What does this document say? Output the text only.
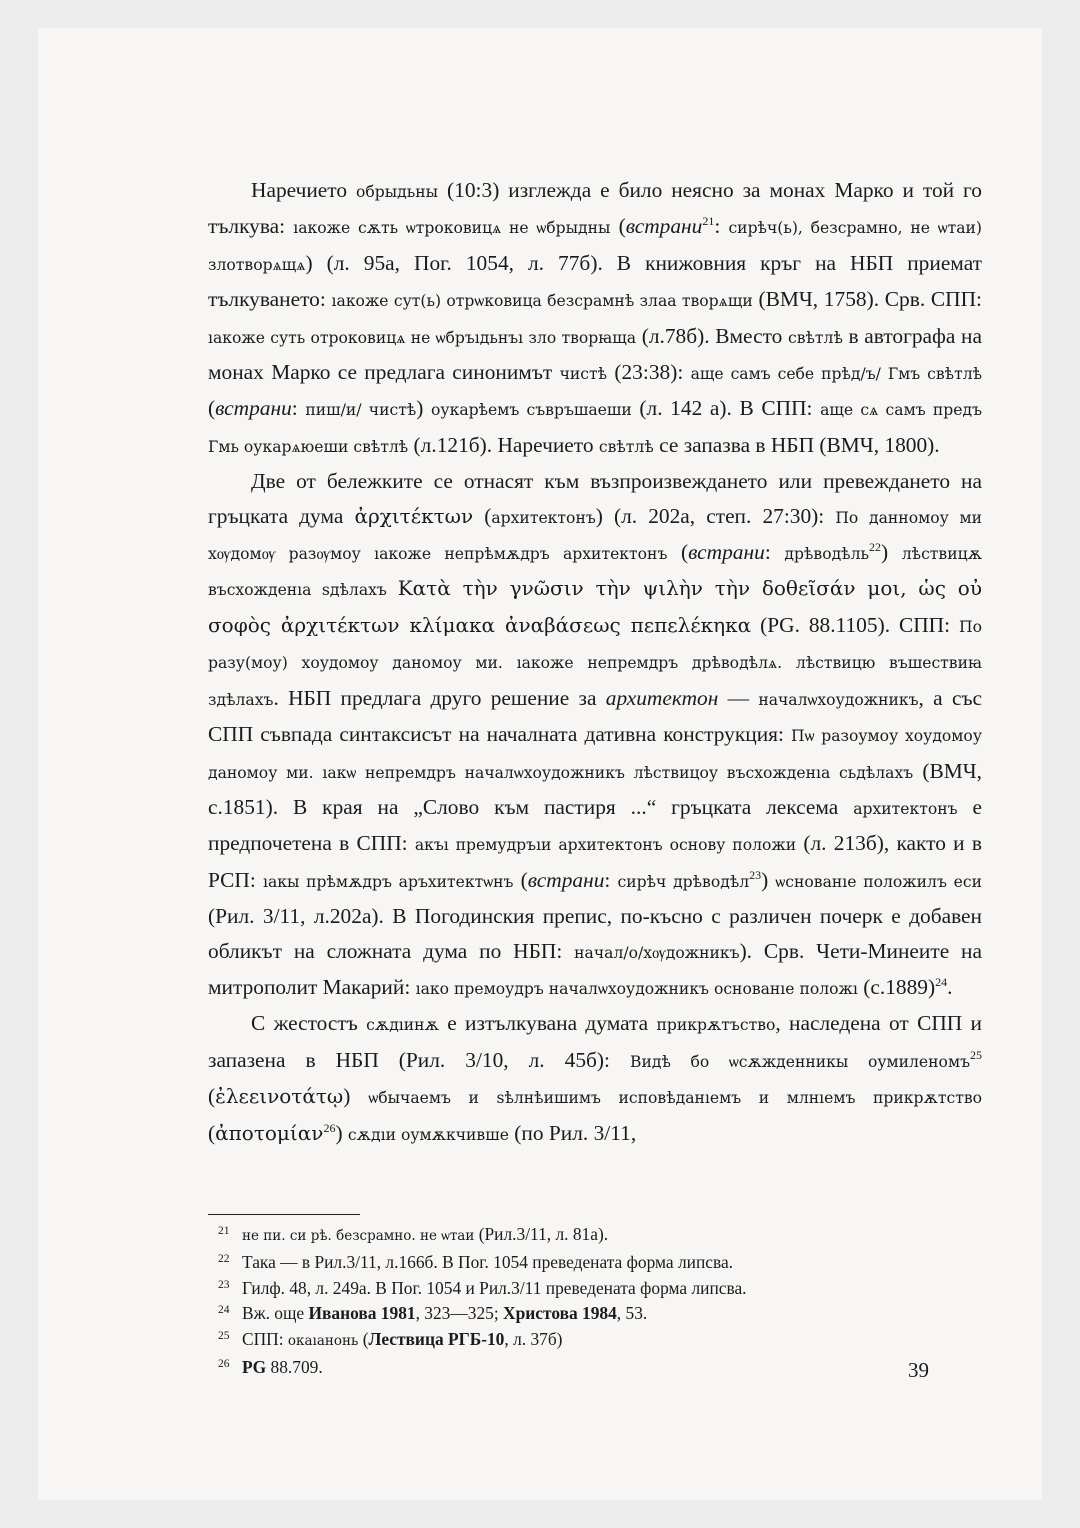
Наречието обрыдьны (10:3) изглежда е било неясно за монах Марко и той го тълкува: ıакоже сѫть ѡтроковицѧ не ѡбрыдны (встрани$^{21}$: сирѣч(ь), безсрамно, не ѡтаи) злотворѧщѧ) (л. 95а, Пог. 1054, л. 77б). В книжовния кръг на НБП приемат тълкуването: ıакоже сут(ь) отрѡковица безсрамнѣ злаа творѧщи (ВМЧ, 1758). Срв. СПП: ıакоже суть отроковицѧ не ѡбръıдьнъı зло творꙗща (л.78б). Вместо свѣтлѣ в автографа на монах Марко се предлага синонимът чистѣ (23:38): аще самъ себе прѣд/ъ/ Гмъ свѣтлѣ (встрани: пиш/и/ чистѣ) оукарѣемъ съвръшаеши (л. 142 а). В СПП: аще сѧ самъ предъ Гмь оукарѧюеши свѣтлѣ (л.121б). Наречието свѣтлѣ се запазва в НБП (ВМЧ, 1800).

Две от бележките се отнасят към възпроизвеждането или превеждането на гръцката дума ἀρχιτέκτων (архитектонъ) (л. 202а, степ. 27:30): По данномоу ми хѹдомѹ разѹмоу ıакоже непрѣмѫдръ архитектонъ (встрани: дрѣводѣль$^{22}$) лѣствицѫ въсхожденıа ѕдѣлахъ Κατὰ τὴν γνῶσιν τὴν ψιλὴν τὴν δοθεῖσάν μοι, ὡς οὐ σοφὸς ἀρχιτέκτων κλίμακα ἀναβάσεως πεπελέκηκα (PG. 88.1105). СПП: По разу(моу) хоудомоу даномоу ми. ıакоже непремдръ дрѣводѣлѧ. лѣствицю въшествиꙗ здѣлахъ. НБП предлага друго решение за архитектон — началѡхоудожникъ, а със СПП съвпада синтаксисът на началната дативна конструкция: Пѡ разоумоу хоудомоу даномоу ми. ıакѡ непремдръ началѡхоудожникъ лѣствицоу въсхожденıа сьдѣлахъ (ВМЧ, с.1851). В края на „Слово към пастиря ...“ гръцката лексема архитектонъ е предпочетена в СПП: акъı премудръıи архитектонъ основу положи (л. 213б), както и в РСП: ıакы прѣмѫдръ аръхитектѡнъ (встрани: сирѣч дрѣводѣл$^{23}$) ѡснованıе положилъ еси (Рил. 3/11, л.202а). В Погодинския препис, по-късно с различен почерк е добавен обликът на сложната дума по НБП: начал/о/хѹдожникъ). Срв. Чети-Минеите на митрополит Макарий: ıако премоудръ началѡхоудожникъ основанıе положı $(с.1889)^{24}$.

С жестостъ сѫдıинѫ е изтълкувана думата прикрѫтъство, наследена от СПП и запазена в НБП (Рил. 3/10, л. 45б): Видѣ бо ѡсѫжденникы оумиленомъ$^{25}$ (ἐλεεινοτάτῳ) ѡбычаемъ и ѕѣлнѣишимъ исповѣданıемъ и млнıемъ прикрѫтство (ἀποτομίαν$^{26}$) сѫдıи оумѫкчивше (по Рил. 3/11,

21 не пи. си рѣ. безсрамно. не ѡтаи (Рил.3/11, л. 81а).
22 Така — в Рил.3/11, л.166б. В Пог. 1054 преведената форма липсва.
23 Гилф. 48, л. 249а. В Пог. 1054 и Рил.3/11 преведената форма липсва.
24 Вж. още Иванова 1981, 323—325; Христова 1984, 53.
25 СПП: окаıанонь (Лествица РГБ-10, л. 37б)
26 PG 88.709.	39
